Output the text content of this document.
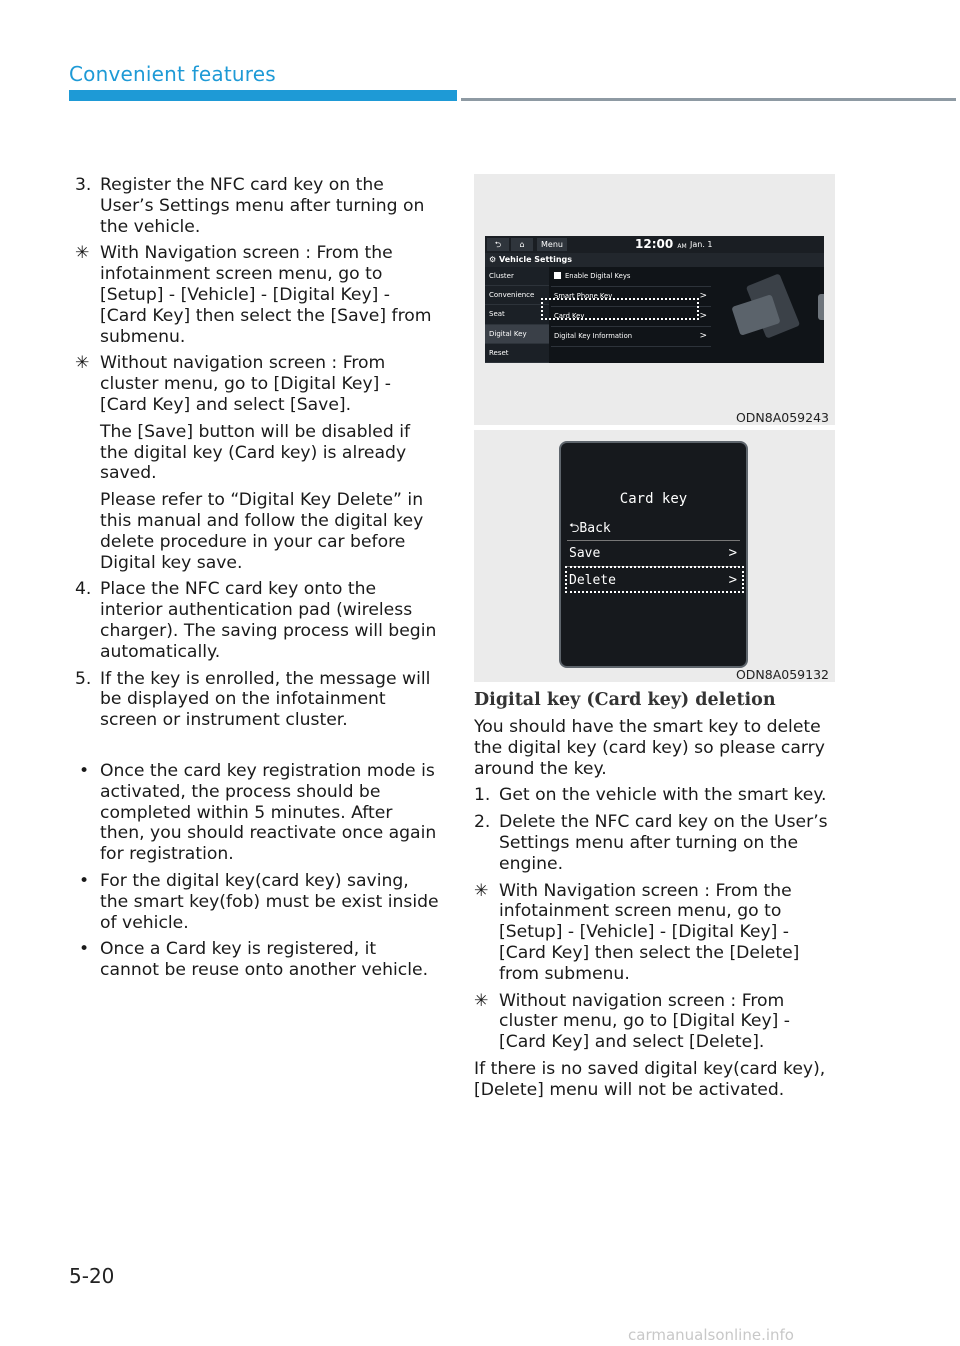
Convenient features
3. Register the NFC card key on the User’s Settings menu after turning on the vehicle.
✳ With Navigation screen : From the infotainment screen menu, go to [Setup] - [Vehicle] - [Digital Key] - [Card Key] then select the [Save] from submenu.
✳ Without navigation screen : From cluster menu, go to [Digital Key] - [Card Key] and select [Save].
The [Save] button will be disabled if the digital key (Card key) is already saved.
Please refer to “Digital Key Delete” in this manual and follow the digital key delete procedure in your car before Digital key save.
4. Place the NFC card key onto the interior authentication pad (wireless charger). The saving process will begin automatically.
5. If the key is enrolled, the message will be displayed on the infotainment screen or instrument cluster.
• Once the card key registration mode is activated, the process should be completed within 5 minutes. After then, you should reactivate once again for registration.
• For the digital key(card key) saving, the smart key(fob) must be exist inside of vehicle.
• Once a Card key is registered, it cannot be reuse onto another vehicle.
⮌	⌂	Menu	12:00 AM Jan. 1
⚙ Vehicle Settings
Cluster
Convenience
Seat
Digital Key
Reset
Enable Digital Keys
Smart Phone Key	>
Card Key	>
Digital Key Information	>
ODN8A059243
Card key
⮌Back
Save	>
Delete	>
ODN8A059132
Digital key (Card key) deletion
You should have the smart key to delete the digital key (card key) so please carry around the key.
1. Get on the vehicle with the smart key.
2. Delete the NFC card key on the User’s Settings menu after turning on the engine.
✳ With Navigation screen : From the infotainment screen menu, go to [Setup] - [Vehicle] - [Digital Key] - [Card Key] then select the [Delete] from submenu.
✳ Without navigation screen : From cluster menu, go to [Digital Key] - [Card Key] and select [Delete].
If there is no saved digital key(card key), [Delete] menu will not be activated.
5-20
carmanualsonline.info
